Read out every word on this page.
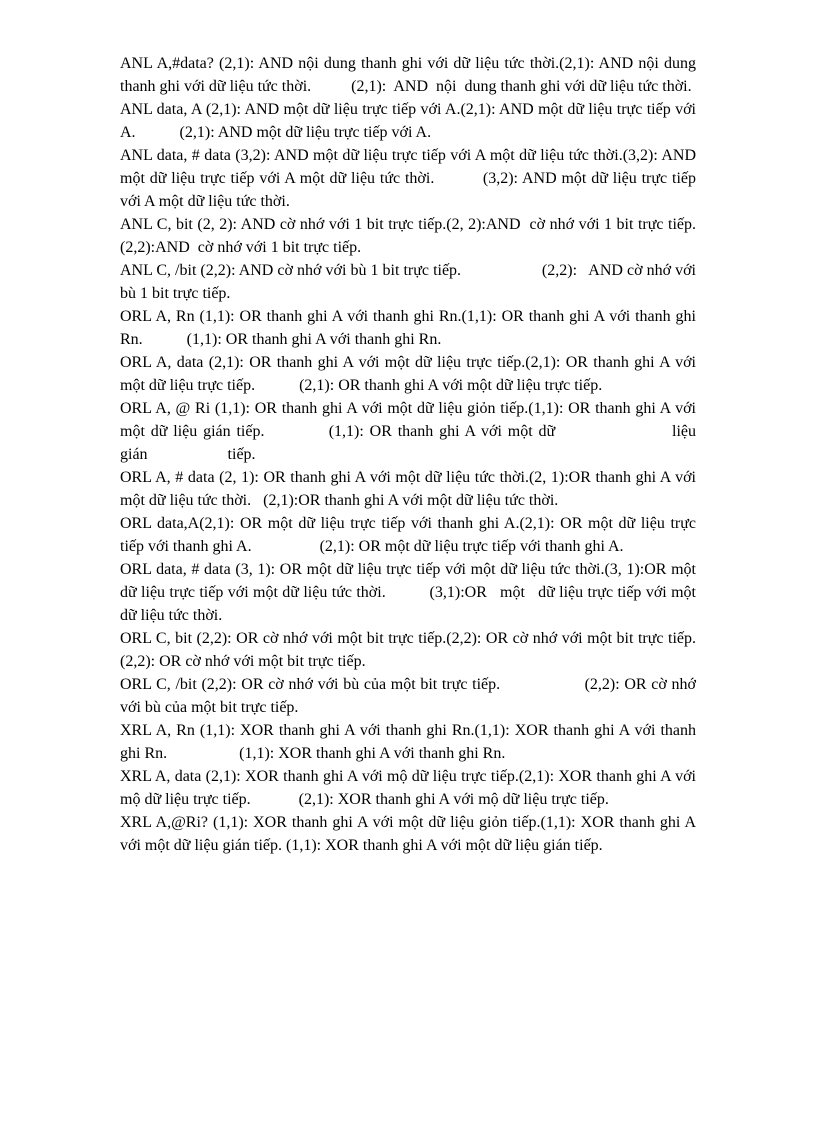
ANL A,#data? (2,1): AND nội dung thanh ghi với dữ liệu tức thời.(2,1): AND nội dung thanh ghi với dữ liệu tức thời.          (2,1):  AND  nội  dung thanh ghi với dữ liệu tức thời.

ANL data, A (2,1): AND một dữ liệu trực tiếp với A.(2,1): AND một dữ liệu trực tiếp với A.           (2,1): AND một dữ liệu trực tiếp với A.

ANL data, # data (3,2): AND một dữ liệu trực tiếp với A một dữ liệu tức thời.(3,2): AND một dữ liệu trực tiếp với A một dữ liệu tức thời.          (3,2): AND một dữ liệu trực tiếp với A một dữ liệu tức thời.

ANL C, bit (2, 2): AND cờ nhớ với 1 bit trực tiếp.(2, 2):AND  cờ nhớ với 1 bit trực tiếp.          (2,2):AND  cờ nhớ với 1 bit trực tiếp.

ANL C, /bit (2,2): AND cờ nhớ với bù 1 bit trực tiếp.                    (2,2):   AND cờ nhớ với bù 1 bit trực tiếp.

ORL A, Rn (1,1): OR thanh ghi A với thanh ghi Rn.(1,1): OR thanh ghi A với thanh ghi Rn.           (1,1): OR thanh ghi A với thanh ghi Rn.

ORL A, data (2,1): OR thanh ghi A với một dữ liệu trực tiếp.(2,1): OR thanh ghi A với một dữ liệu trực tiếp.           (2,1): OR thanh ghi A với một dữ liệu trực tiếp.

ORL A, @ Ri (1,1): OR thanh ghi A với một dữ liệu giỏn tiếp.(1,1): OR thanh ghi A với một dữ liệu gián tiếp.           (1,1): OR thanh ghi A với một dữ                    liệu                    gián                    tiếp.

ORL A, # data (2, 1): OR thanh ghi A với một dữ liệu tức thời.(2, 1):OR thanh ghi A với một dữ liệu tức thời.   (2,1):OR thanh ghi A với một dữ liệu tức thời.

ORL data,A(2,1): OR một dữ liệu trực tiếp với thanh ghi A.(2,1): OR một dữ liệu trực tiếp với thanh ghi A.                 (2,1): OR một dữ liệu trực tiếp với thanh ghi A.

ORL data, # data (3, 1): OR một dữ liệu trực tiếp với một dữ liệu tức thời.(3, 1):OR một dữ liệu trực tiếp với một dữ liệu tức thời.          (3,1):OR   một   dữ liệu trực tiếp với một dữ liệu tức thời.

ORL C, bit (2,2): OR cờ nhớ với một bit trực tiếp.(2,2): OR cờ nhớ với một bit trực tiếp.          (2,2): OR cờ nhớ với một bit trực tiếp.

ORL C, /bit (2,2): OR cờ nhớ với bù của một bit trực tiếp.                  (2,2): OR cờ nhớ với bù của một bit trực tiếp.

XRL A, Rn (1,1): XOR thanh ghi A với thanh ghi Rn.(1,1): XOR thanh ghi A với thanh ghi Rn.                  (1,1): XOR thanh ghi A với thanh ghi Rn.

XRL A, data (2,1): XOR thanh ghi A với mộ dữ liệu trực tiếp.(2,1): XOR thanh ghi A với mộ dữ liệu trực tiếp.            (2,1): XOR thanh ghi A với mộ dữ liệu trực tiếp.

XRL A,@Ri? (1,1): XOR thanh ghi A với một dữ liệu giỏn tiếp.(1,1): XOR thanh ghi A với một dữ liệu gián tiếp. (1,1): XOR thanh ghi A với một dữ liệu gián tiếp.
